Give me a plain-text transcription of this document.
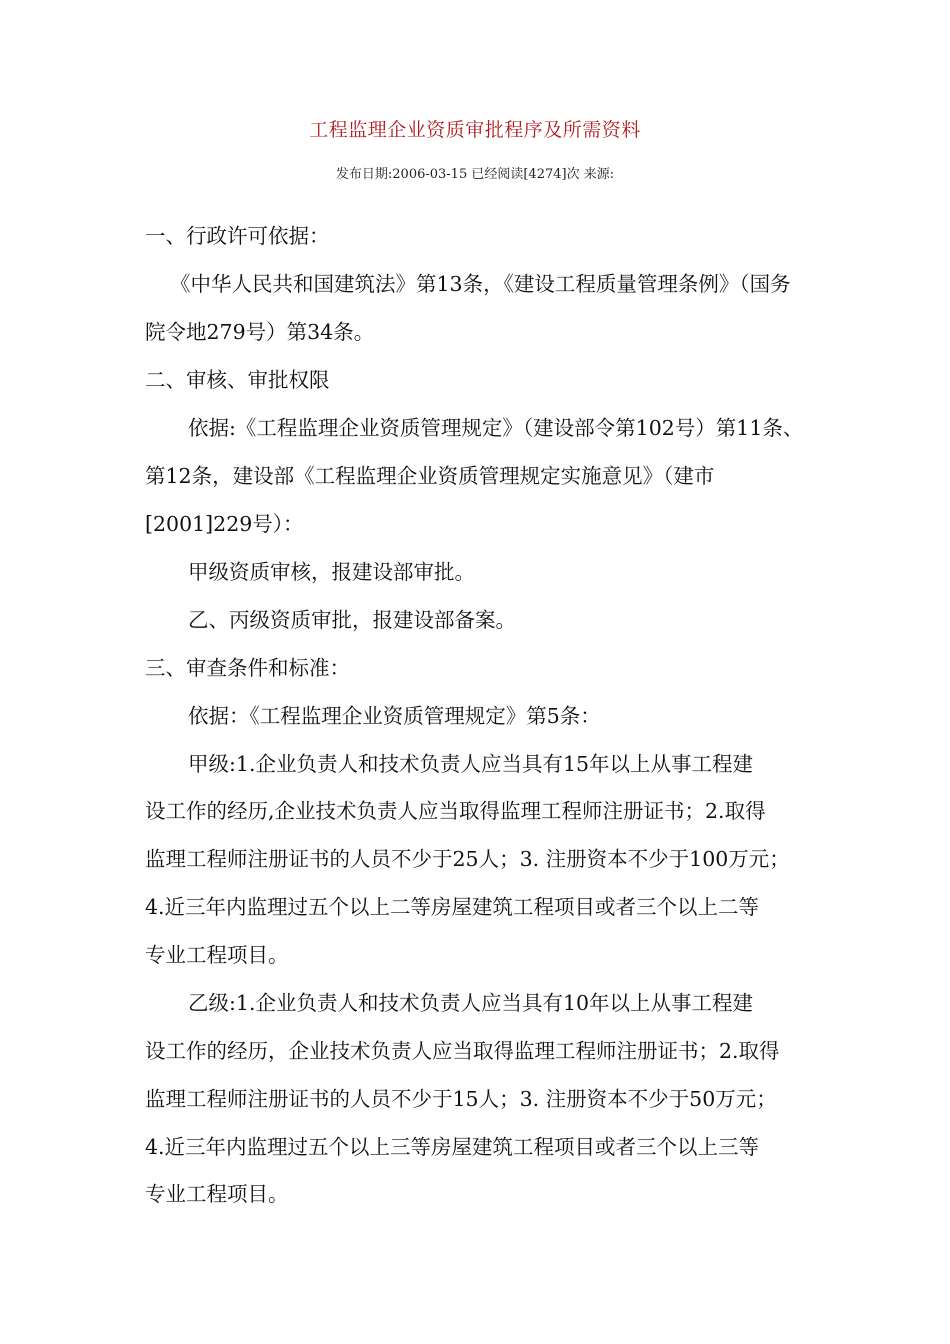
工程监理企业资质审批程序及所需资料
发布日期:2006-03-15 已经阅读[4274]次 来源:
一、行政许可依据：
《中华人民共和国建筑法》第13条，《建设工程质量管理条例》（国务
院令地279号）第34条。
二、审核、审批权限
依据:《工程监理企业资质管理规定》（建设部令第102号）第11条、
第12条，建设部《工程监理企业资质管理规定实施意见》（建市
[2001]229号）：
甲级资质审核，报建设部审批。
乙、丙级资质审批，报建设部备案。
三、审查条件和标准：
依据：《工程监理企业资质管理规定》第5条：
甲级:1.企业负责人和技术负责人应当具有15年以上从事工程建
设工作的经历,企业技术负责人应当取得监理工程师注册证书；2.取得
监理工程师注册证书的人员不少于25人；3. 注册资本不少于100万元；
4.近三年内监理过五个以上二等房屋建筑工程项目或者三个以上二等
专业工程项目。
乙级:1.企业负责人和技术负责人应当具有10年以上从事工程建
设工作的经历，企业技术负责人应当取得监理工程师注册证书；2.取得
监理工程师注册证书的人员不少于15人；3. 注册资本不少于50万元；
4.近三年内监理过五个以上三等房屋建筑工程项目或者三个以上三等
专业工程项目。
